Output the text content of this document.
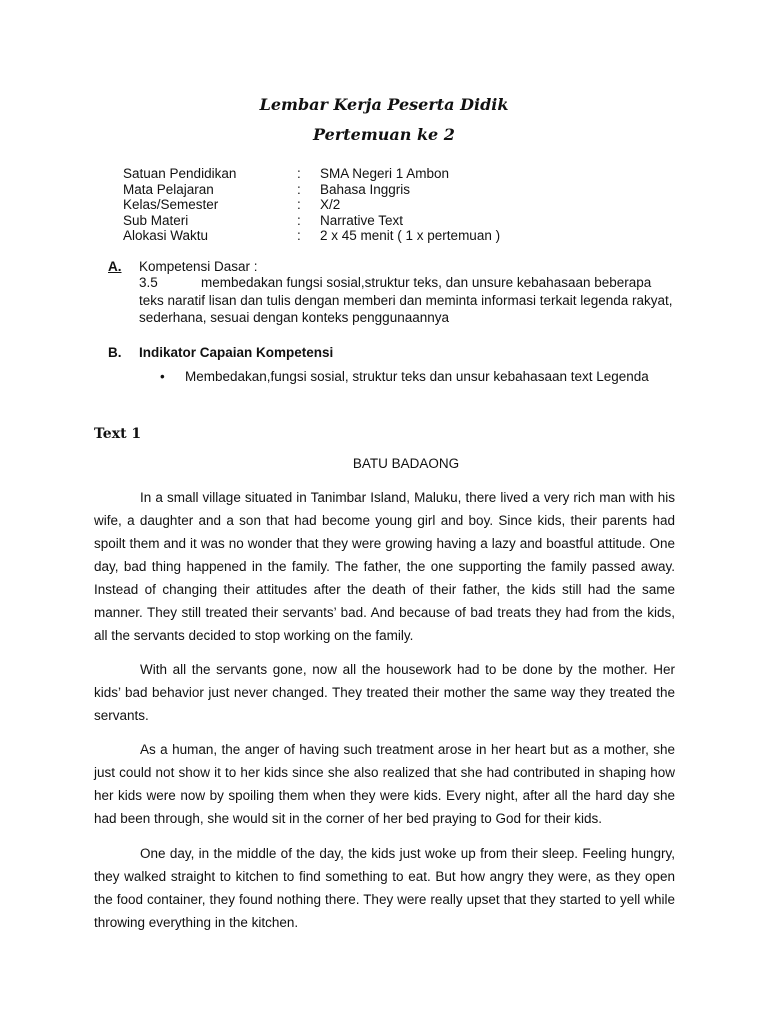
Lembar Kerja Peserta Didik
Pertemuan ke 2
Satuan Pendidikan	:	SMA Negeri 1 Ambon
Mata Pelajaran	:	Bahasa Inggris
Kelas/Semester	:	X/2
Sub Materi	:	Narrative Text
Alokasi Waktu	:	2 x 45 menit ( 1 x pertemuan )
A. Kompetensi Dasar :
3.5	membedakan fungsi sosial,struktur teks, dan unsure kebahasaan beberapa teks naratif lisan dan tulis dengan memberi dan meminta informasi terkait legenda rakyat, sederhana, sesuai dengan konteks penggunaannya
B. Indikator Capaian Kompetensi
•	Membedakan,fungsi sosial, struktur teks dan unsur kebahasaan text Legenda
Text 1
BATU BADAONG

In a small village situated in Tanimbar Island, Maluku, there lived a very rich man with his wife, a daughter and a son that had become young girl and boy. Since kids, their parents had spoilt them and it was no wonder that they were growing having a lazy and boastful attitude. One day, bad thing happened in the family. The father, the one supporting the family passed away. Instead of changing their attitudes after the death of their father, the kids still had the same manner. They still treated their servants’ bad. And because of bad treats they had from the kids, all the servants decided to stop working on the family.

With all the servants gone, now all the housework had to be done by the mother. Her kids’ bad behavior just never changed. They treated their mother the same way they treated the servants.

As a human, the anger of having such treatment arose in her heart but as a mother, she just could not show it to her kids since she also realized that she had contributed in shaping how her kids were now by spoiling them when they were kids. Every night, after all the hard day she had been through, she would sit in the corner of her bed praying to God for their kids.

One day, in the middle of the day, the kids just woke up from their sleep. Feeling hungry, they walked straight to kitchen to find something to eat. But how angry they were, as they open the food container, they found nothing there. They were really upset that they started to yell while throwing everything in the kitchen.
